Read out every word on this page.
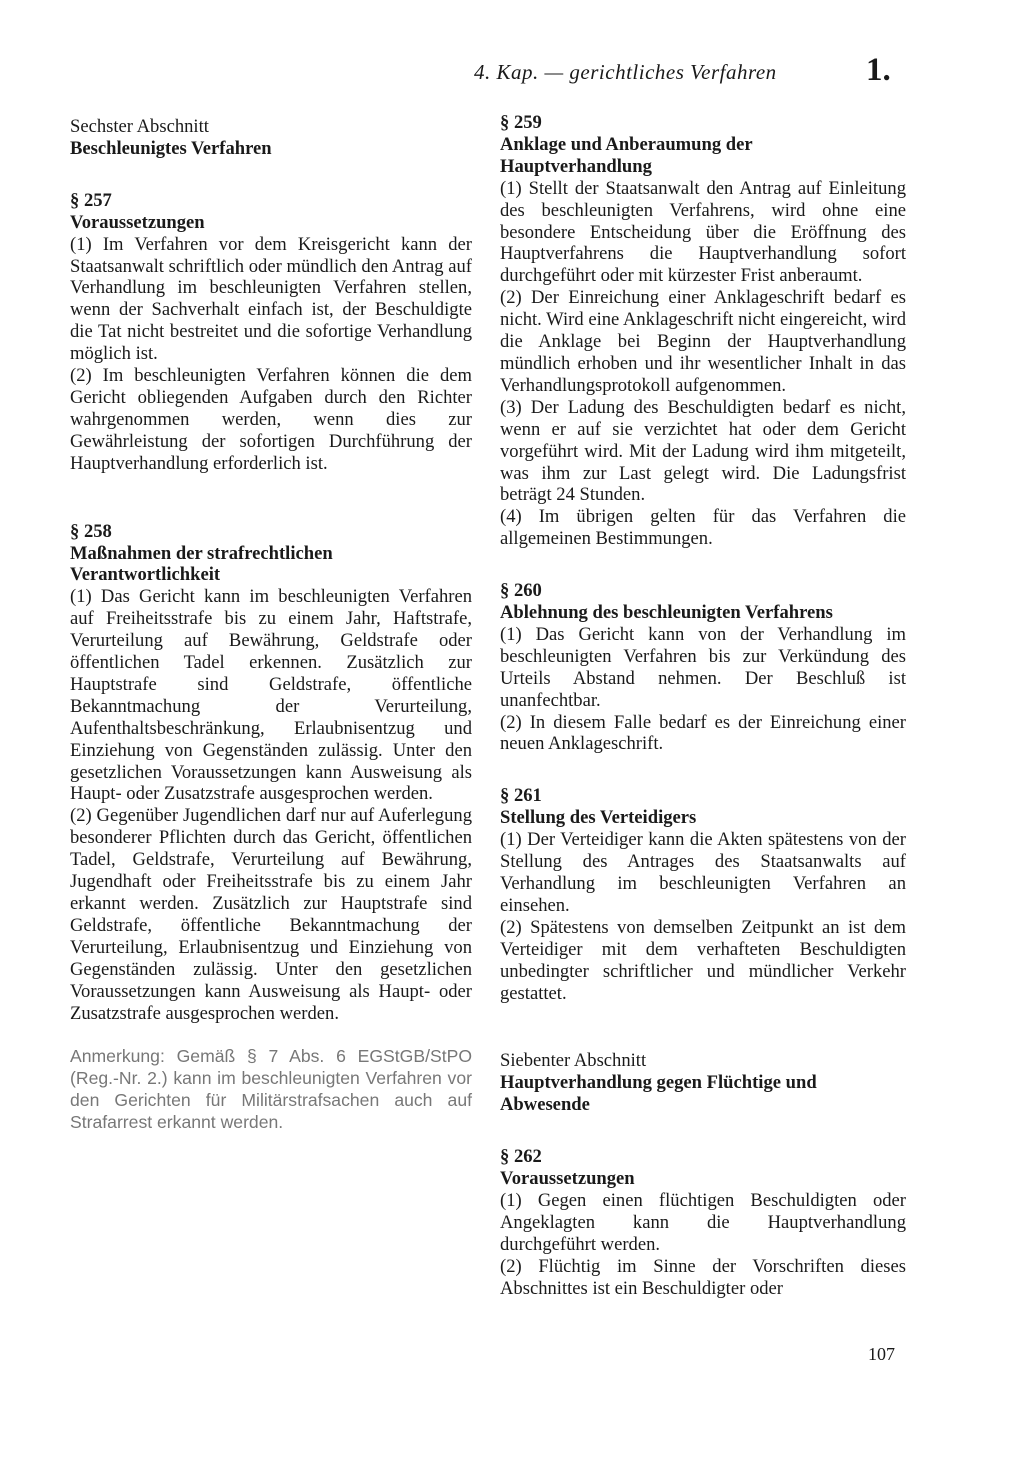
4. Kap. — gerichtliches Verfahren	1.

Sechster Abschnitt

Beschleunigtes Verfahren

§ 257

Voraussetzungen

(1) Im Verfahren vor dem Kreisgericht kann der Staatsanwalt schriftlich oder mündlich den Antrag auf Verhandlung im beschleunigten Verfahren stellen, wenn der Sachverhalt einfach ist, der Beschuldigte die Tat nicht bestreitet und die sofortige Verhandlung möglich ist.

(2) Im beschleunigten Verfahren können die dem Gericht obliegenden Aufgaben durch den Richter wahrgenommen werden, wenn dies zur Gewährleistung der sofortigen Durchführung der Hauptverhandlung erforderlich ist.

§ 258

Maßnahmen der strafrechtlichen Verantwortlichkeit

(1) Das Gericht kann im beschleunigten Verfahren auf Freiheitsstrafe bis zu einem Jahr, Haftstrafe, Verurteilung auf Bewährung, Geldstrafe oder öffentlichen Tadel erkennen. Zusätzlich zur Hauptstrafe sind Geldstrafe, öffentliche Bekanntmachung der Verurteilung, Aufenthaltsbeschränkung, Erlaubnisentzug und Einziehung von Gegenständen zulässig. Unter den gesetzlichen Voraussetzungen kann Ausweisung als Haupt- oder Zusatzstrafe ausgesprochen werden.

(2) Gegenüber Jugendlichen darf nur auf Auferlegung besonderer Pflichten durch das Gericht, öffentlichen Tadel, Geldstrafe, Verurteilung auf Bewährung, Jugendhaft oder Freiheitsstrafe bis zu einem Jahr erkannt werden. Zusätzlich zur Hauptstrafe sind Geldstrafe, öffentliche Bekanntmachung der Verurteilung, Erlaubnisentzug und Einziehung von Gegenständen zulässig. Unter den gesetzlichen Voraussetzungen kann Ausweisung als Haupt- oder Zusatzstrafe ausgesprochen werden.

Anmerkung: Gemäß § 7 Abs. 6 EGStGB/StPO (Reg.-Nr. 2.) kann im beschleunigten Verfahren vor den Gerichten für Militärstrafsachen auch auf Strafarrest erkannt werden.

§ 259

Anklage und Anberaumung der Hauptverhandlung

(1) Stellt der Staatsanwalt den Antrag auf Einleitung des beschleunigten Verfahrens, wird ohne eine besondere Entscheidung über die Eröffnung des Hauptverfahrens die Hauptverhandlung sofort durchgeführt oder mit kürzester Frist anberaumt.

(2) Der Einreichung einer Anklageschrift bedarf es nicht. Wird eine Anklageschrift nicht eingereicht, wird die Anklage bei Beginn der Hauptverhandlung mündlich erhoben und ihr wesentlicher Inhalt in das Verhandlungsprotokoll aufgenommen.

(3) Der Ladung des Beschuldigten bedarf es nicht, wenn er auf sie verzichtet hat oder dem Gericht vorgeführt wird. Mit der Ladung wird ihm mitgeteilt, was ihm zur Last gelegt wird. Die Ladungsfrist beträgt 24 Stunden.

(4) Im übrigen gelten für das Verfahren die allgemeinen Bestimmungen.

§ 260

Ablehnung des beschleunigten Verfahrens

(1) Das Gericht kann von der Verhandlung im beschleunigten Verfahren bis zur Verkündung des Urteils Abstand nehmen. Der Beschluß ist unanfechtbar.

(2) In diesem Falle bedarf es der Einreichung einer neuen Anklageschrift.

§ 261

Stellung des Verteidigers

(1) Der Verteidiger kann die Akten spätestens von der Stellung des Antrages des Staatsanwalts auf Verhandlung im beschleunigten Verfahren an einsehen.

(2) Spätestens von demselben Zeitpunkt an ist dem Verteidiger mit dem verhafteten Beschuldigten unbedingter schriftlicher und mündlicher Verkehr gestattet.

Siebenter Abschnitt

Hauptverhandlung gegen Flüchtige und Abwesende

§ 262

Voraussetzungen

(1) Gegen einen flüchtigen Beschuldigten oder Angeklagten kann die Hauptverhandlung durchgeführt werden.

(2) Flüchtig im Sinne der Vorschriften dieses Abschnittes ist ein Beschuldigter oder

107
